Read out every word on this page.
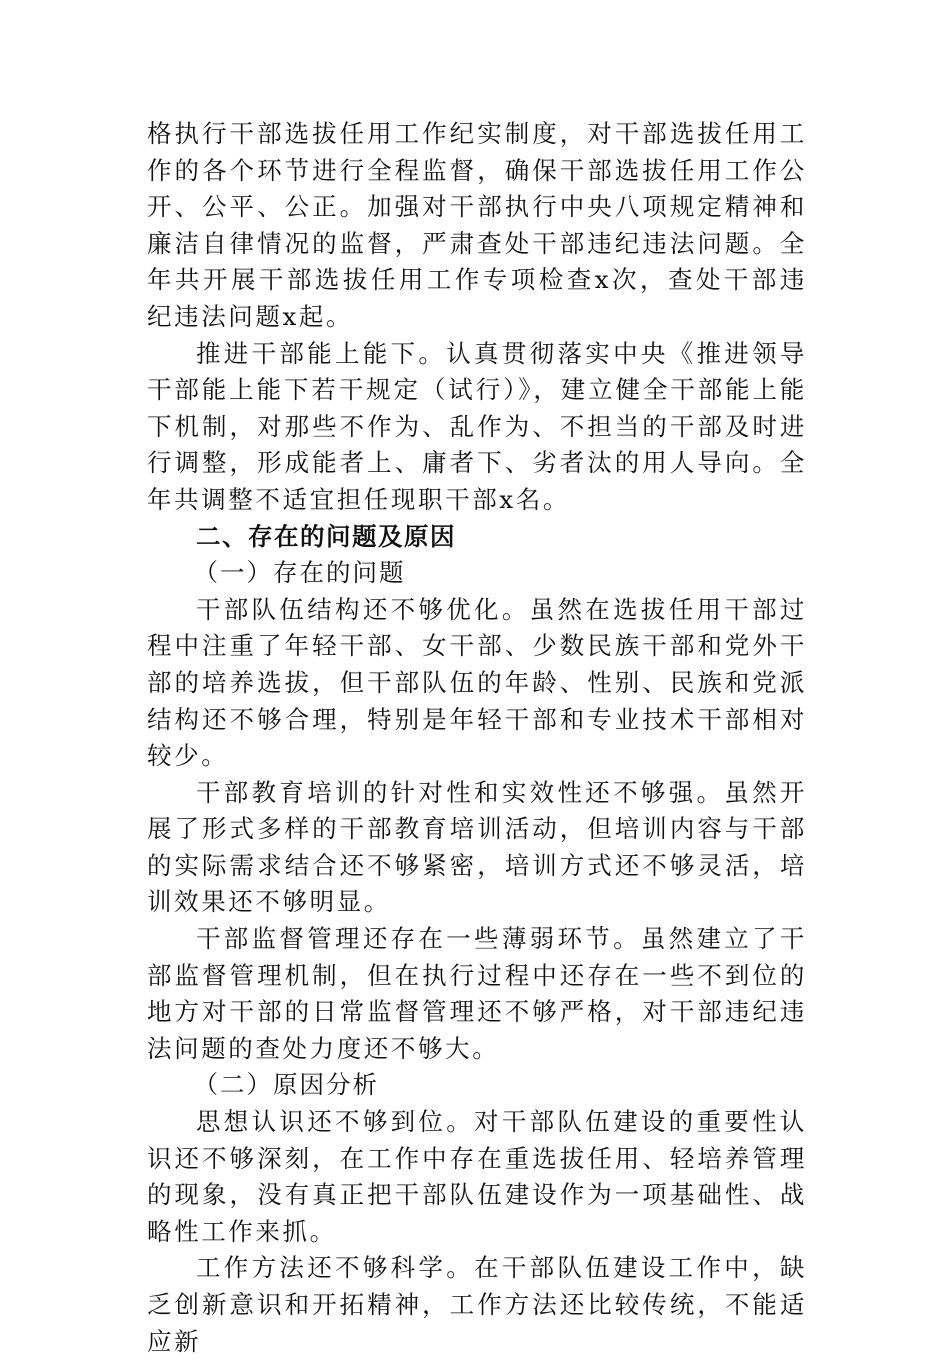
格执行干部选拔任用工作纪实制度，对干部选拔任用工作的各个环节进行全程监督，确保干部选拔任用工作公开、公平、公正。加强对干部执行中央八项规定精神和廉洁自律情况的监督，严肃查处干部违纪违法问题。全年共开展干部选拔任用工作专项检查x次，查处干部违纪违法问题x起。

推进干部能上能下。认真贯彻落实中央《推进领导干部能上能下若干规定（试行）》，建立健全干部能上能下机制，对那些不作为、乱作为、不担当的干部及时进行调整，形成能者上、庸者下、劣者汰的用人导向。全年共调整不适宜担任现职干部x名。

二、存在的问题及原因

（一）存在的问题

干部队伍结构还不够优化。虽然在选拔任用干部过程中注重了年轻干部、女干部、少数民族干部和党外干部的培养选拔，但干部队伍的年龄、性别、民族和党派结构还不够合理，特别是年轻干部和专业技术干部相对较少。

干部教育培训的针对性和实效性还不够强。虽然开展了形式多样的干部教育培训活动，但培训内容与干部的实际需求结合还不够紧密，培训方式还不够灵活，培训效果还不够明显。

干部监督管理还存在一些薄弱环节。虽然建立了干部监督管理机制，但在执行过程中还存在一些不到位的地方对干部的日常监督管理还不够严格，对干部违纪违法问题的查处力度还不够大。

（二）原因分析

思想认识还不够到位。对干部队伍建设的重要性认识还不够深刻，在工作中存在重选拔任用、轻培养管理的现象，没有真正把干部队伍建设作为一项基础性、战略性工作来抓。

工作方法还不够科学。在干部队伍建设工作中，缺乏创新意识和开拓精神，工作方法还比较传统，不能适应新
